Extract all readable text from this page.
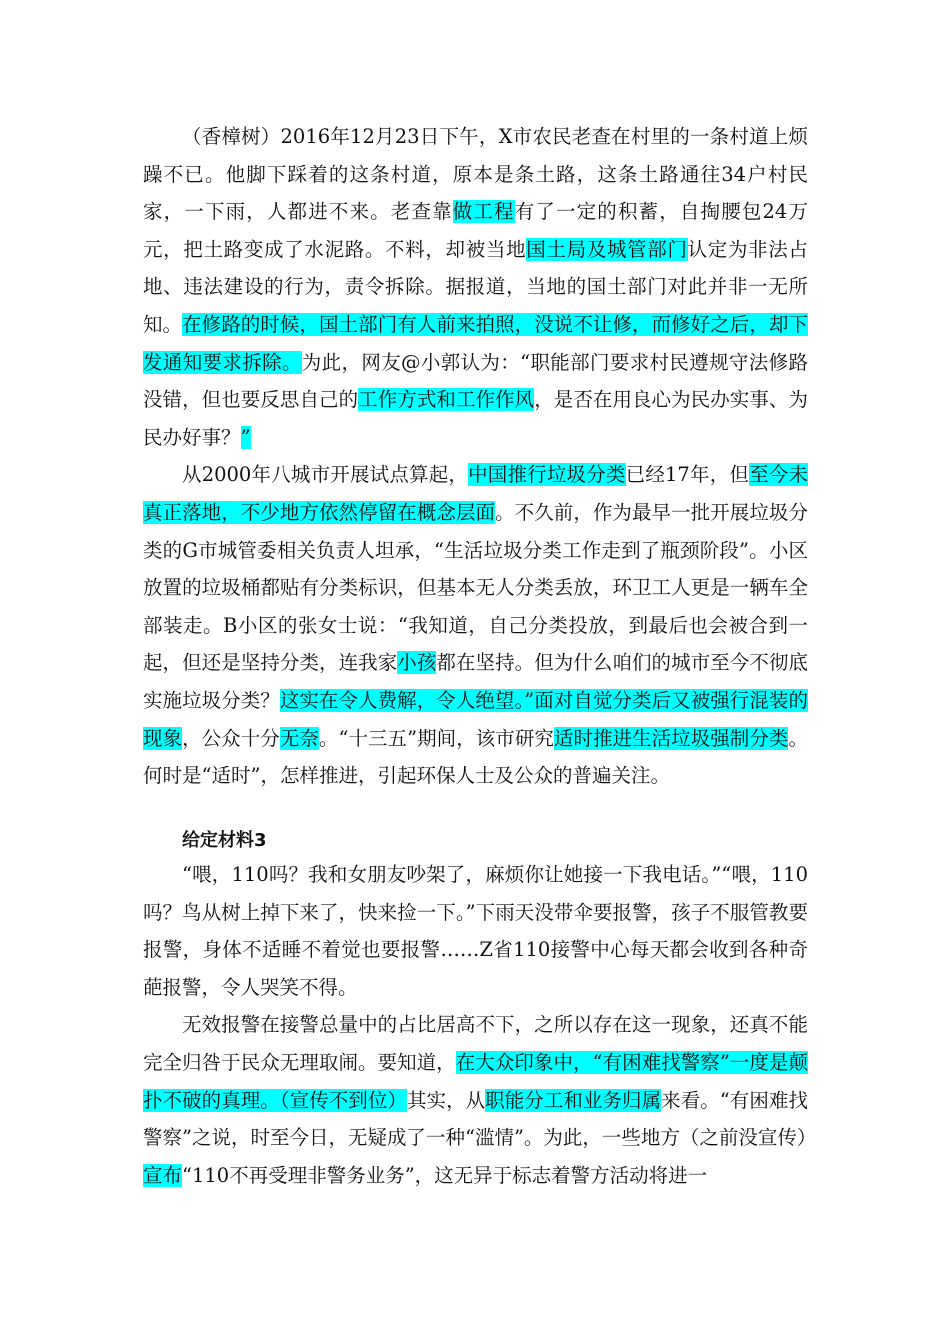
（香樟树）2016年12月23日下午，X市农民老查在村里的一条村道上烦躁不已。他脚下踩着的这条村道，原本是条土路，这条土路通往34户村民家，一下雨，人都进不来。老查靠做工程有了一定的积蓄，自掏腰包24万元，把土路变成了水泥路。不料，却被当地国土局及城管部门认定为非法占地、违法建设的行为，责令拆除。据报道，当地的国土部门对此并非一无所知。在修路的时候，国土部门有人前来拍照，没说不让修，而修好之后，却下发通知要求拆除。为此，网友@小郭认为：“职能部门要求村民遵规守法修路没错，但也要反思自己的工作方式和工作作风，是否在用良心为民办实事、为民办好事？”

从2000年八城市开展试点算起，中国推行垃圾分类已经17年，但至今未真正落地，不少地方依然停留在概念层面。不久前，作为最早一批开展垃圾分类的G市城管委相关负责人坦承，“生活垃圾分类工作走到了瓶颈阶段”。小区放置的垃圾桶都贴有分类标识，但基本无人分类丢放，环卫工人更是一辆车全部装走。B小区的张女士说：“我知道，自己分类投放，到最后也会被合到一起，但还是坚持分类，连我家小孩都在坚持。但为什么咱们的城市至今不彻底实施垃圾分类？这实在令人费解，令人绝望。”面对自觉分类后又被强行混装的现象，公众十分无奈。“十三五”期间，该市研究适时推进生活垃圾强制分类。何时是“适时”，怎样推进，引起环保人士及公众的普遍关注。

给定材料3

“喂，110吗？我和女朋友吵架了，麻烦你让她接一下我电话。”“喂，110吗？鸟从树上掉下来了，快来捡一下。”下雨天没带伞要报警，孩子不服管教要报警，身体不适睡不着觉也要报警……Z省110接警中心每天都会收到各种奇葩报警，令人哭笑不得。

无效报警在接警总量中的占比居高不下，之所以存在这一现象，还真不能完全归咎于民众无理取闹。要知道，在大众印象中，“有困难找警察”一度是颠扑不破的真理。（宣传不到位）其实，从职能分工和业务归属来看。“有困难找警察”之说，时至今日，无疑成了一种“滥情”。为此，一些地方（之前没宣传）宣布“110不再受理非警务业务”，这无异于标志着警方活动将进一
